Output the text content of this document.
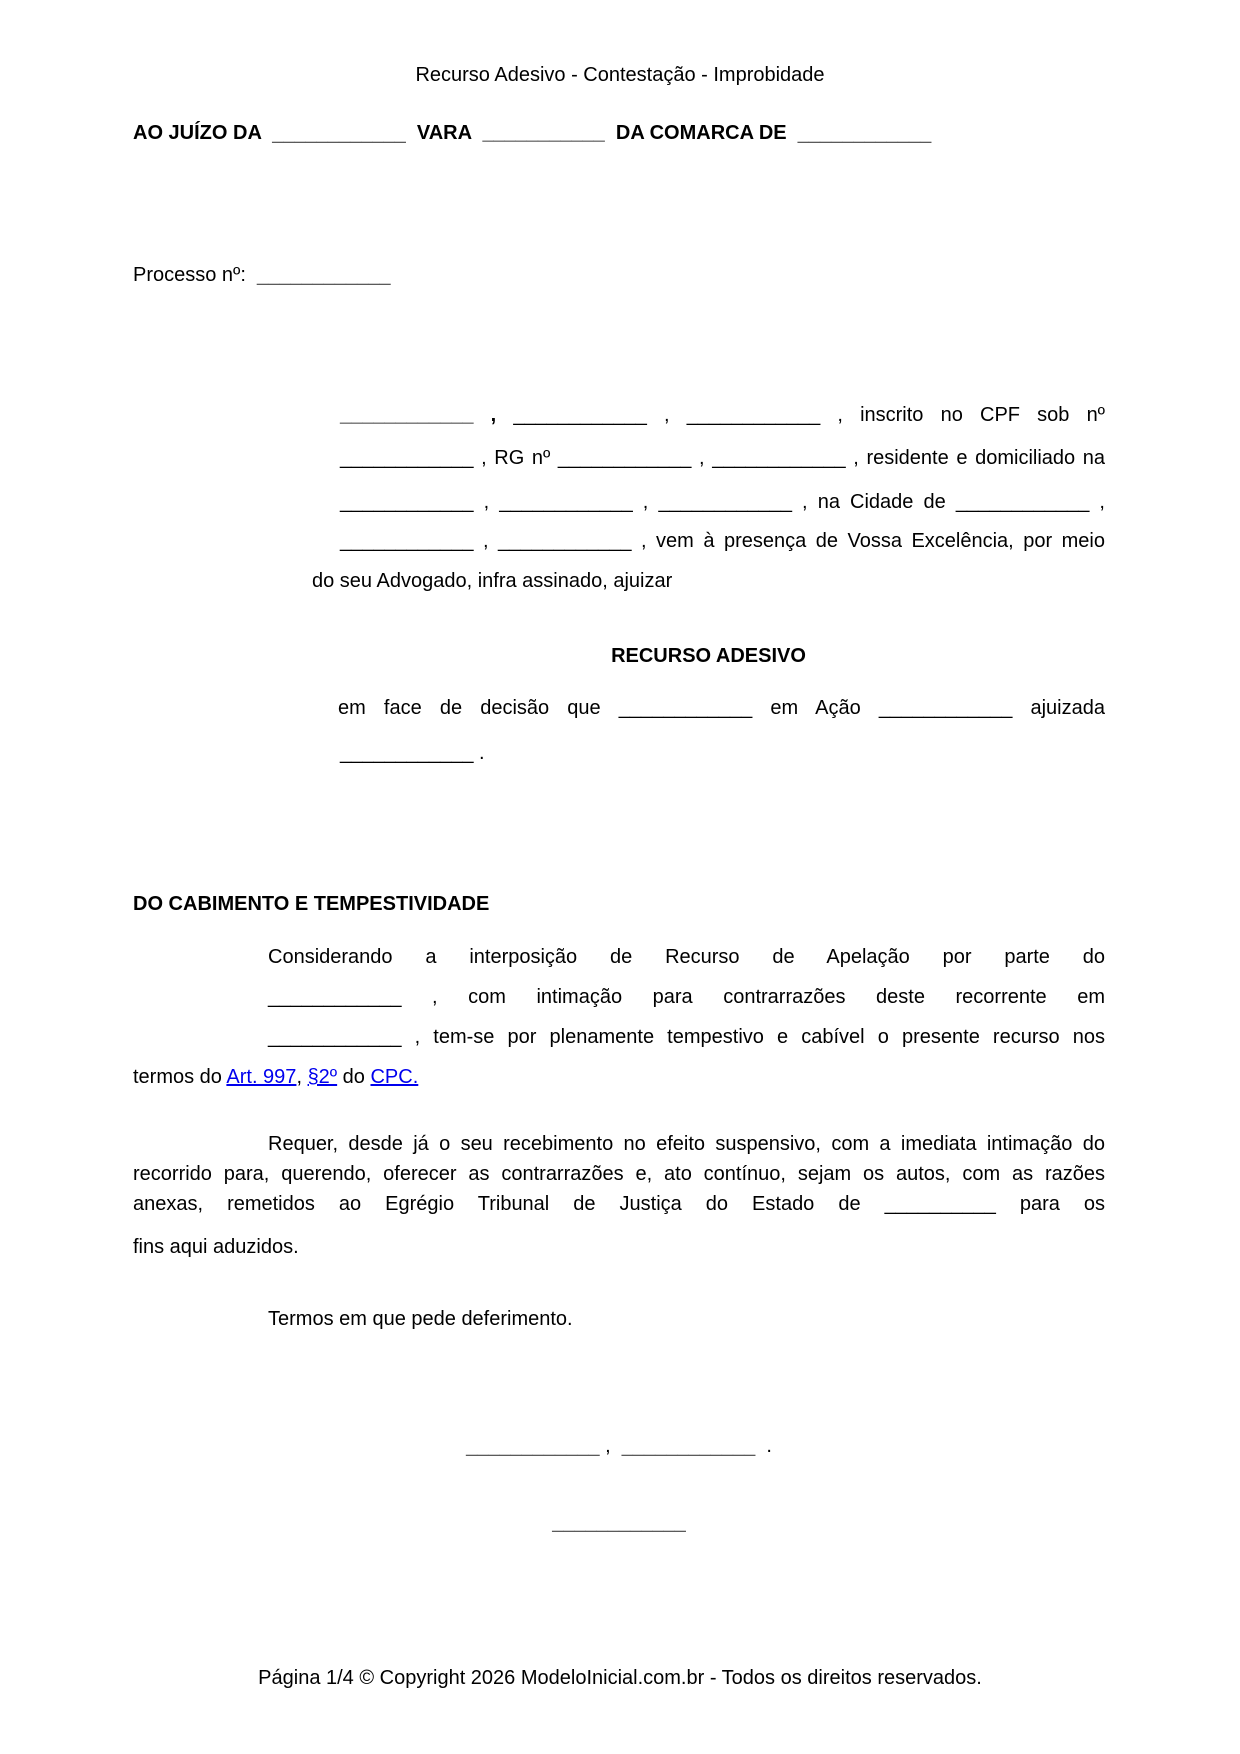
Recurso Adesivo - Contestação - Improbidade
AO JUÍZO DA  ____________  VARA  ___________  DA COMARCA DE  ____________
Processo nº:  ____________
____________ , ____________ , ____________ , inscrito no CPF sob nº
____________ , RG nº ____________ , ____________ , residente e domiciliado na
____________ , ____________ , ____________ , na Cidade de ____________ ,
____________ , ____________ , vem à presença de Vossa Excelência, por meio
do seu Advogado, infra assinado, ajuizar
RECURSO ADESIVO
em face de decisão que ____________ em Ação ____________ ajuizada
____________ .
DO CABIMENTO E TEMPESTIVIDADE
Considerando a interposição de Recurso de Apelação por parte do
____________ , com intimação para contrarrazões deste recorrente em
____________ , tem-se por plenamente tempestivo e cabível o presente recurso nos
termos do Art. 997, §2º do CPC.
Requer, desde já o seu recebimento no efeito suspensivo, com a imediata intimação do
recorrido para, querendo, oferecer as contrarrazões e, ato contínuo, sejam os autos, com as razões
anexas, remetidos ao Egrégio Tribunal de Justiça do Estado de __________ para os
fins aqui aduzidos.
Termos em que pede deferimento.
____________ ,  ____________  .
____________
Página 1/4 © Copyright 2026 ModeloInicial.com.br - Todos os direitos reservados.
